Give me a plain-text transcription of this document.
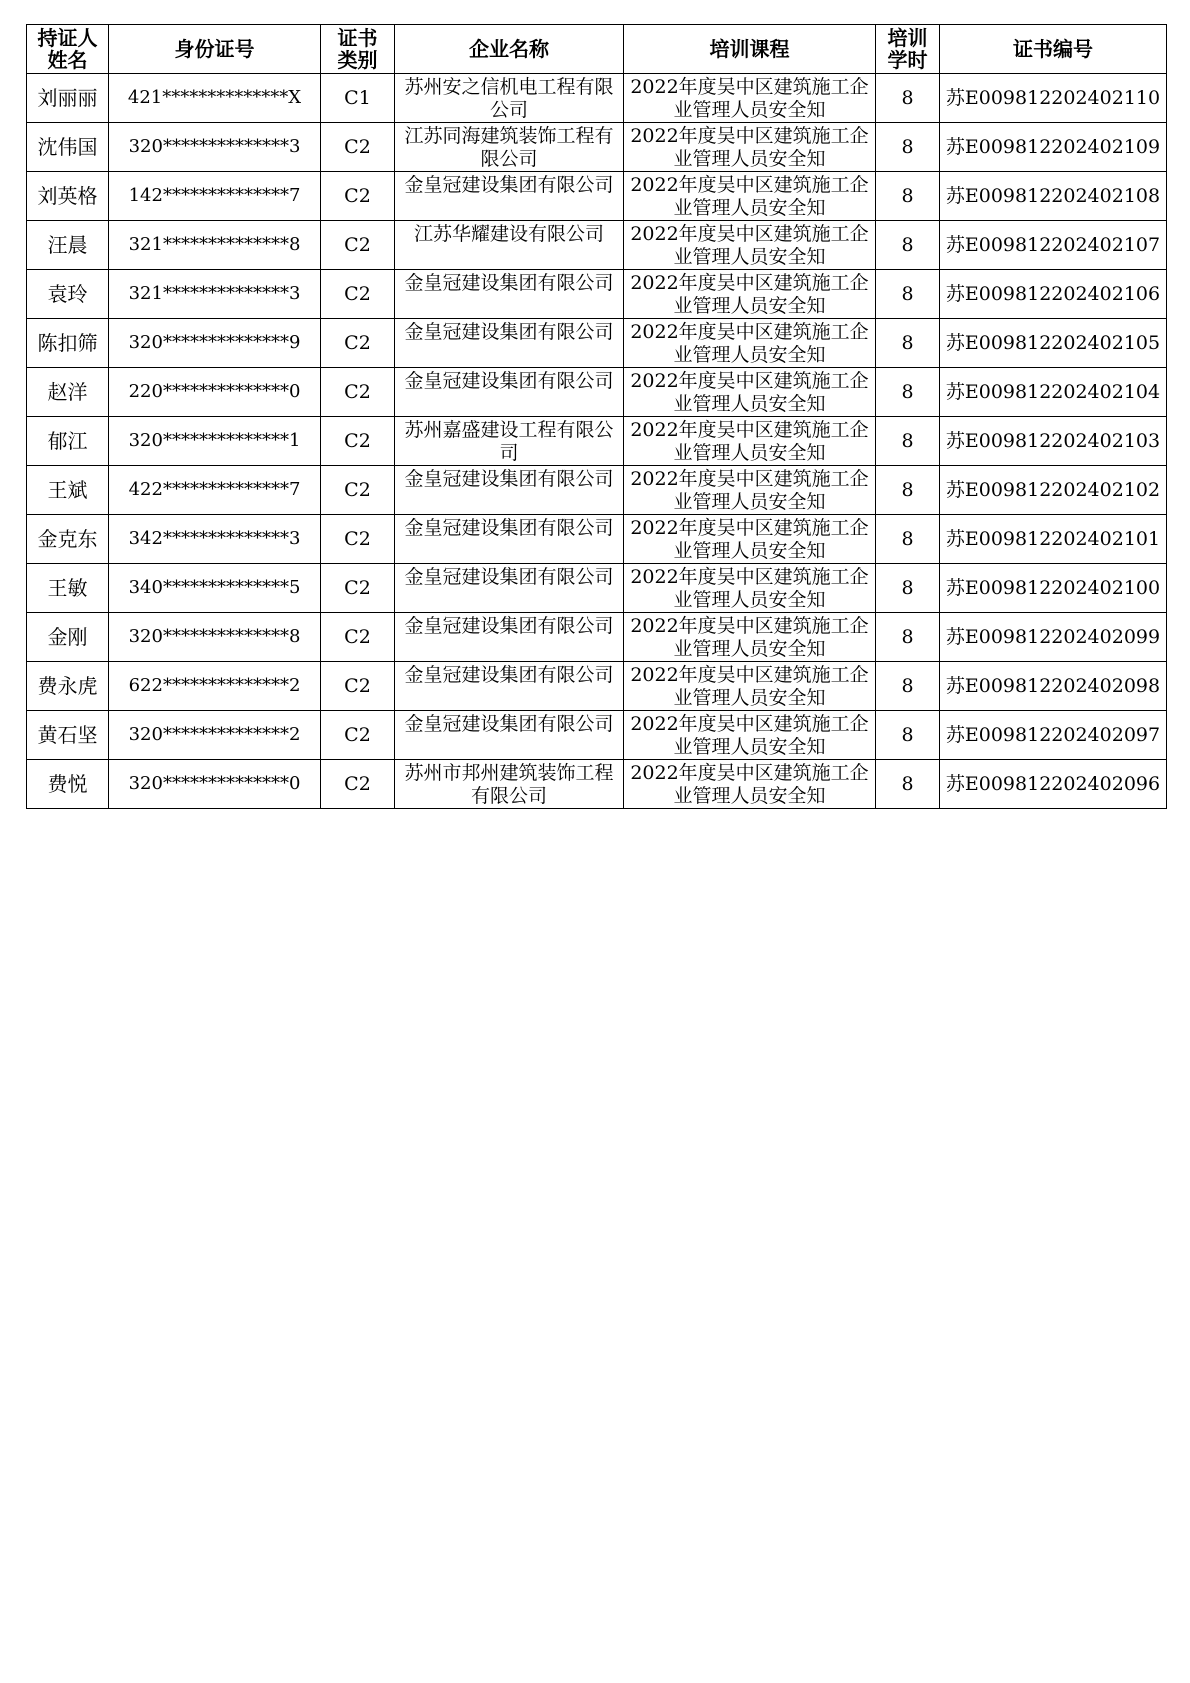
持证人姓名	身份证号	证书类别	企业名称	培训课程	培训学时	证书编号

刘丽丽	421**************X	C1	苏州安之信机电工程有限公司	2022年度吴中区建筑施工企业管理人员安全知	8	苏E009812202402110

沈伟国	320**************3	C2	江苏同海建筑装饰工程有限公司	2022年度吴中区建筑施工企业管理人员安全知	8	苏E009812202402109

刘英格	142**************7	C2	金皇冠建设集团有限公司	2022年度吴中区建筑施工企业管理人员安全知	8	苏E009812202402108

汪晨	321**************8	C2	江苏华耀建设有限公司	2022年度吴中区建筑施工企业管理人员安全知	8	苏E009812202402107

袁玲	321**************3	C2	金皇冠建设集团有限公司	2022年度吴中区建筑施工企业管理人员安全知	8	苏E009812202402106

陈扣筛	320**************9	C2	金皇冠建设集团有限公司	2022年度吴中区建筑施工企业管理人员安全知	8	苏E009812202402105

赵洋	220**************0	C2	金皇冠建设集团有限公司	2022年度吴中区建筑施工企业管理人员安全知	8	苏E009812202402104

郁江	320**************1	C2	苏州嘉盛建设工程有限公司	2022年度吴中区建筑施工企业管理人员安全知	8	苏E009812202402103

王斌	422**************7	C2	金皇冠建设集团有限公司	2022年度吴中区建筑施工企业管理人员安全知	8	苏E009812202402102

金克东	342**************3	C2	金皇冠建设集团有限公司	2022年度吴中区建筑施工企业管理人员安全知	8	苏E009812202402101

王敏	340**************5	C2	金皇冠建设集团有限公司	2022年度吴中区建筑施工企业管理人员安全知	8	苏E009812202402100

金刚	320**************8	C2	金皇冠建设集团有限公司	2022年度吴中区建筑施工企业管理人员安全知	8	苏E009812202402099

费永虎	622**************2	C2	金皇冠建设集团有限公司	2022年度吴中区建筑施工企业管理人员安全知	8	苏E009812202402098

黄石坚	320**************2	C2	金皇冠建设集团有限公司	2022年度吴中区建筑施工企业管理人员安全知	8	苏E009812202402097

费悦	320**************0	C2	苏州市邦州建筑装饰工程有限公司	2022年度吴中区建筑施工企业管理人员安全知	8	苏E009812202402096
